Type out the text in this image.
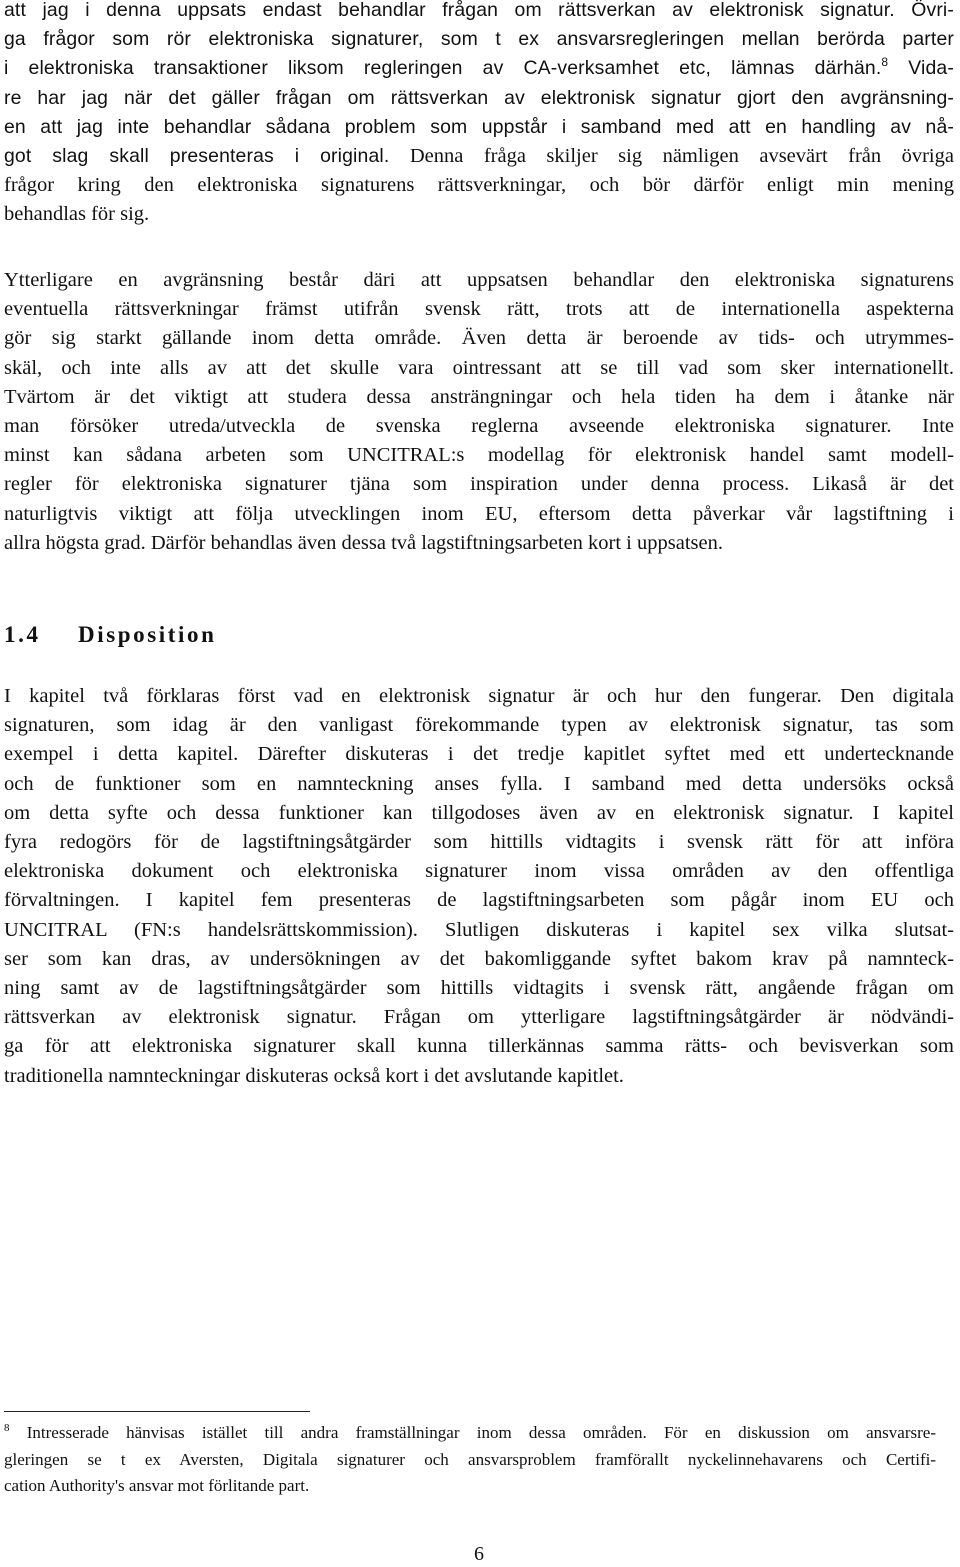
att jag i denna uppsats endast behandlar frågan om rättsverkan av elektronisk signatur. Övri-
ga frågor som rör elektroniska signaturer, som t ex ansvarsregleringen mellan berörda parter
i elektroniska transaktioner liksom regleringen av CA-verksamhet etc, lämnas därhän.$^8$ Vida-
re har jag när det gäller frågan om rättsverkan av elektronisk signatur gjort den avgränsning-
en att jag inte behandlar sådana problem som uppstår i samband med att en handling av nå-
got slag skall presenteras i original. Denna fråga skiljer sig nämligen avsevärt från övriga
frågor kring den elektroniska signaturens rättsverkningar, och bör därför enligt min mening
behandlas för sig.
Ytterligare en avgränsning består däri att uppsatsen behandlar den elektroniska signaturens
eventuella rättsverkningar främst utifrån svensk rätt, trots att de internationella aspekterna
gör sig starkt gällande inom detta område. Även detta är beroende av tids- och utrymmes-
skäl, och inte alls av att det skulle vara ointressant att se till vad som sker internationellt.
Tvärtom är det viktigt att studera dessa ansträngningar och hela tiden ha dem i åtanke när
man försöker utreda/utveckla de svenska reglerna avseende elektroniska signaturer. Inte
minst kan sådana arbeten som UNCITRAL:s modellag för elektronisk handel samt modell-
regler för elektroniska signaturer tjäna som inspiration under denna process. Likaså är det
naturligtvis viktigt att följa utvecklingen inom EU, eftersom detta påverkar vår lagstiftning i
allra högsta grad. Därför behandlas även dessa två lagstiftningsarbeten kort i uppsatsen.
1.4 Disposition
I kapitel två förklaras först vad en elektronisk signatur är och hur den fungerar. Den digitala
signaturen, som idag är den vanligast förekommande typen av elektronisk signatur, tas som
exempel i detta kapitel. Därefter diskuteras i det tredje kapitlet syftet med ett undertecknande
och de funktioner som en namnteckning anses fylla. I samband med detta undersöks också
om detta syfte och dessa funktioner kan tillgodoses även av en elektronisk signatur. I kapitel
fyra redogörs för de lagstiftningsåtgärder som hittills vidtagits i svensk rätt för att införa
elektroniska dokument och elektroniska signaturer inom vissa områden av den offentliga
förvaltningen. I kapitel fem presenteras de lagstiftningsarbeten som pågår inom EU och
UNCITRAL (FN:s handelsrättskommission). Slutligen diskuteras i kapitel sex vilka slutsat-
ser som kan dras, av undersökningen av det bakomliggande syftet bakom krav på namnteck-
ning samt av de lagstiftningsåtgärder som hittills vidtagits i svensk rätt, angående frågan om
rättsverkan av elektronisk signatur. Frågan om ytterligare lagstiftningsåtgärder är nödvändi-
ga för att elektroniska signaturer skall kunna tillerkännas samma rätts- och bevisverkan som
traditionella namnteckningar diskuteras också kort i det avslutande kapitlet.
$^8$ Intresserade hänvisas istället till andra framställningar inom dessa områden. För en diskussion om ansvarsre-
gleringen se t ex Aversten, Digitala signaturer och ansvarsproblem framförallt nyckelinnehavarens och Certifi-
cation Authority's ansvar mot förlitande part.
6
